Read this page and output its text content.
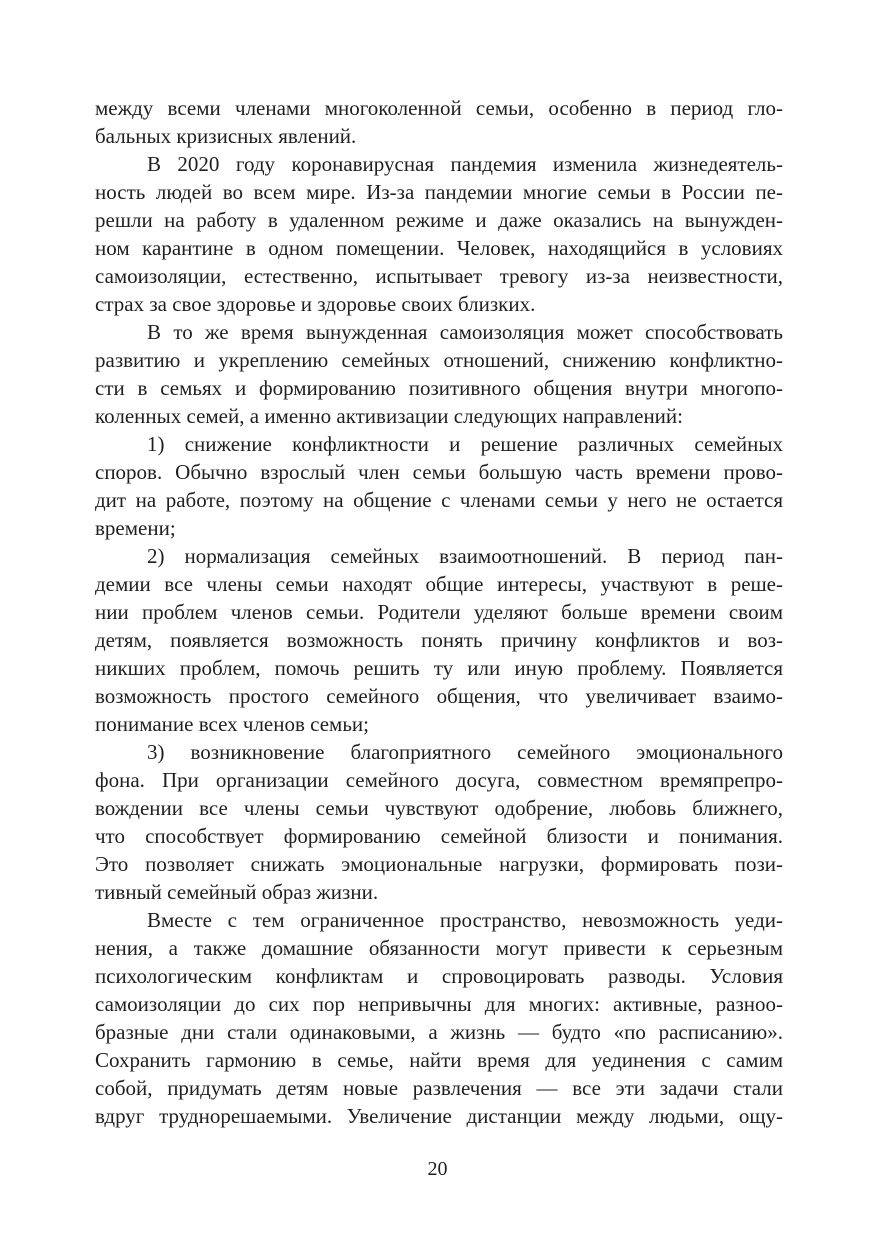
между всеми членами многоколенной семьи, особенно в период гло-
бальных кризисных явлений.
В 2020 году коронавирусная пандемия изменила жизнедеятель-
ность людей во всем мире. Из-за пандемии многие семьи в России пе-
решли на работу в удаленном режиме и даже оказались на вынужден-
ном карантине в одном помещении. Человек, находящийся в условиях
самоизоляции, естественно, испытывает тревогу из-за неизвестности,
страх за свое здоровье и здоровье своих близких.
В то же время вынужденная самоизоляция может способствовать
развитию и укреплению семейных отношений, снижению конфликтно-
сти в семьях и формированию позитивного общения внутри многопо-
коленных семей, а именно активизации следующих направлений:
1) снижение конфликтности и решение различных семейных
споров. Обычно взрослый член семьи большую часть времени прово-
дит на работе, поэтому на общение с членами семьи у него не остается
времени;
2) нормализация семейных взаимоотношений. В период пан-
демии все члены семьи находят общие интересы, участвуют в реше-
нии проблем членов семьи. Родители уделяют больше времени своим
детям, появляется возможность понять причину конфликтов и воз-
никших проблем, помочь решить ту или иную проблему. Появляется
возможность простого семейного общения, что увеличивает взаимо-
понимание всех членов семьи;
3) возникновение благоприятного семейного эмоционального
фона. При организации семейного досуга, совместном времяпрепро-
вождении все члены семьи чувствуют одобрение, любовь ближнего,
что способствует формированию семейной близости и понимания.
Это позволяет снижать эмоциональные нагрузки, формировать пози-
тивный семейный образ жизни.
Вместе с тем ограниченное пространство, невозможность уеди-
нения, а также домашние обязанности могут привести к серьезным
психологическим конфликтам и спровоцировать разводы. Условия
самоизоляции до сих пор непривычны для многих: активные, разноо-
бразные дни стали одинаковыми, а жизнь — будто «по расписанию».
Сохранить гармонию в семье, найти время для уединения с самим
собой, придумать детям новые развлечения — все эти задачи стали
вдруг труднорешаемыми. Увеличение дистанции между людьми, ощу-
20
